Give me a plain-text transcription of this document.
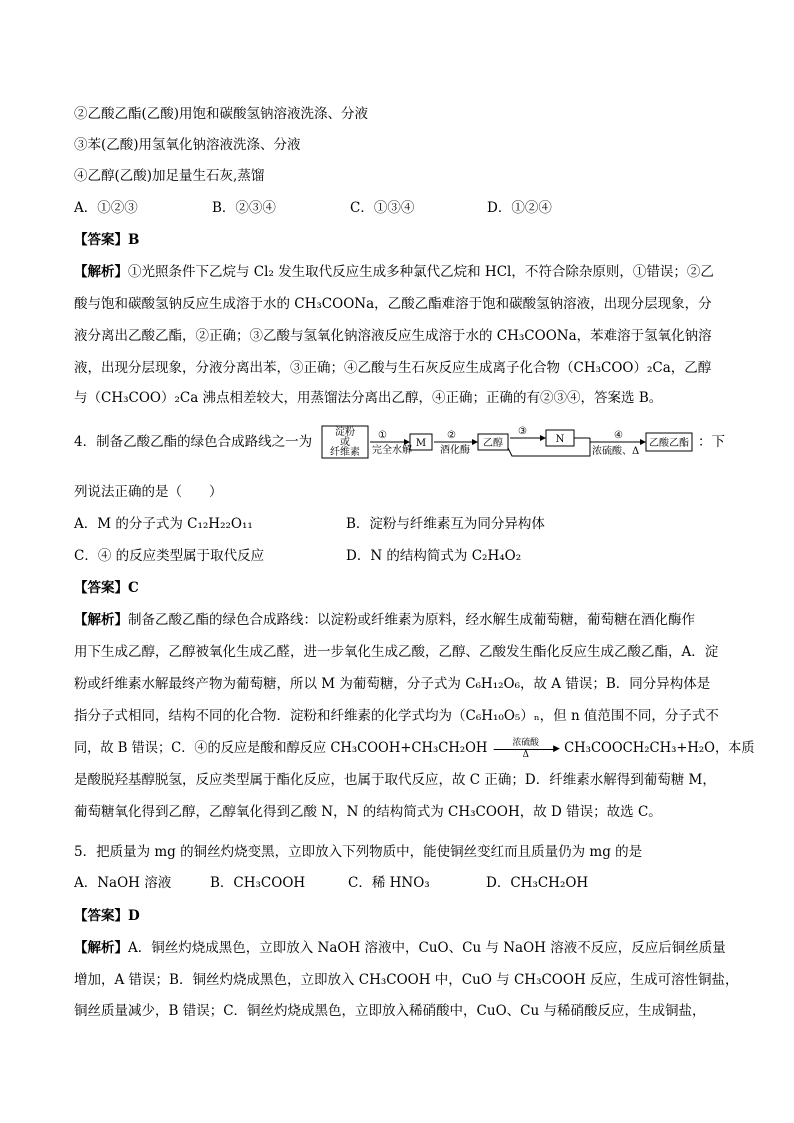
②乙酸乙酯(乙酸)用饱和碳酸氢钠溶液洗涤、分液
③苯(乙酸)用氢氧化钠溶液洗涤、分液
④乙醇(乙酸)加足量生石灰,蒸馏
A．①②③	B．②③④	C．①③④	D．①②④
【答案】B
【解析】①光照条件下乙烷与 Cl₂ 发生取代反应生成多种氯代乙烷和 HCl，不符合除杂原则，①错误；②乙
酸与饱和碳酸氢钠反应生成溶于水的 CH₃COONa，乙酸乙酯难溶于饱和碳酸氢钠溶液，出现分层现象，分
液分离出乙酸乙酯，②正确；③乙酸与氢氧化钠溶液反应生成溶于水的 CH₃COONa，苯难溶于氢氧化钠溶
液，出现分层现象，分液分离出苯，③正确；④乙酸与生石灰反应生成离子化合物（CH₃COO）₂Ca，乙醇
与（CH₃COO）₂Ca 沸点相差较大，用蒸馏法分离出乙醇，④正确；正确的有②③④，答案选 B。
4．制备乙酸乙酯的绿色合成路线之一为
淀粉
或
纤维素
①
完全水解
M
②
酒化酶
乙醇
③
N	④
浓硫酸、Δ
乙酸乙酯 ：下
列说法正确的是（　　）
A．M 的分子式为 C₁₂H₂₂O₁₁	B．淀粉与纤维素互为同分异构体
C．④ 的反应类型属于取代反应	D．N 的结构简式为 C₂H₄O₂
【答案】C
【解析】制备乙酸乙酯的绿色合成路线：以淀粉或纤维素为原料，经水解生成葡萄糖，葡萄糖在酒化酶作
用下生成乙醇，乙醇被氧化生成乙醛，进一步氧化生成乙酸，乙醇、乙酸发生酯化反应生成乙酸乙酯，A．淀
粉或纤维素水解最终产物为葡萄糖，所以 M 为葡萄糖，分子式为 C₆H₁₂O₆，故 A 错误；B．同分异构体是
指分子式相同，结构不同的化合物．淀粉和纤维素的化学式均为（C₆H₁₀O₅）ₙ，但 n 值范围不同，分子式不
同，故 B 错误；C．④的反应是酸和醇反应 CH₃COOH+CH₃CH₂OH	浓硫酸
▶
Δ	CH₃COOCH₂CH₃+H₂O，本质
是酸脱羟基醇脱氢，反应类型属于酯化反应，也属于取代反应，故 C 正确；D．纤维素水解得到葡萄糖 M，
葡萄糖氧化得到乙醇，乙醇氧化得到乙酸 N，N 的结构简式为 CH₃COOH，故 D 错误；故选 C。
5．把质量为 mg 的铜丝灼烧变黑，立即放入下列物质中，能使铜丝变红而且质量仍为 mg 的是
A．NaOH 溶液	B．CH₃COOH	C．稀 HNO₃	D．CH₃CH₂OH
【答案】D
【解析】A．铜丝灼烧成黑色，立即放入 NaOH 溶液中，CuO、Cu 与 NaOH 溶液不反应，反应后铜丝质量
增加，A 错误；B．铜丝灼烧成黑色，立即放入 CH₃COOH 中，CuO 与 CH₃COOH 反应，生成可溶性铜盐，
铜丝质量减少，B 错误；C．铜丝灼烧成黑色，立即放入稀硝酸中，CuO、Cu 与稀硝酸反应，生成铜盐，
